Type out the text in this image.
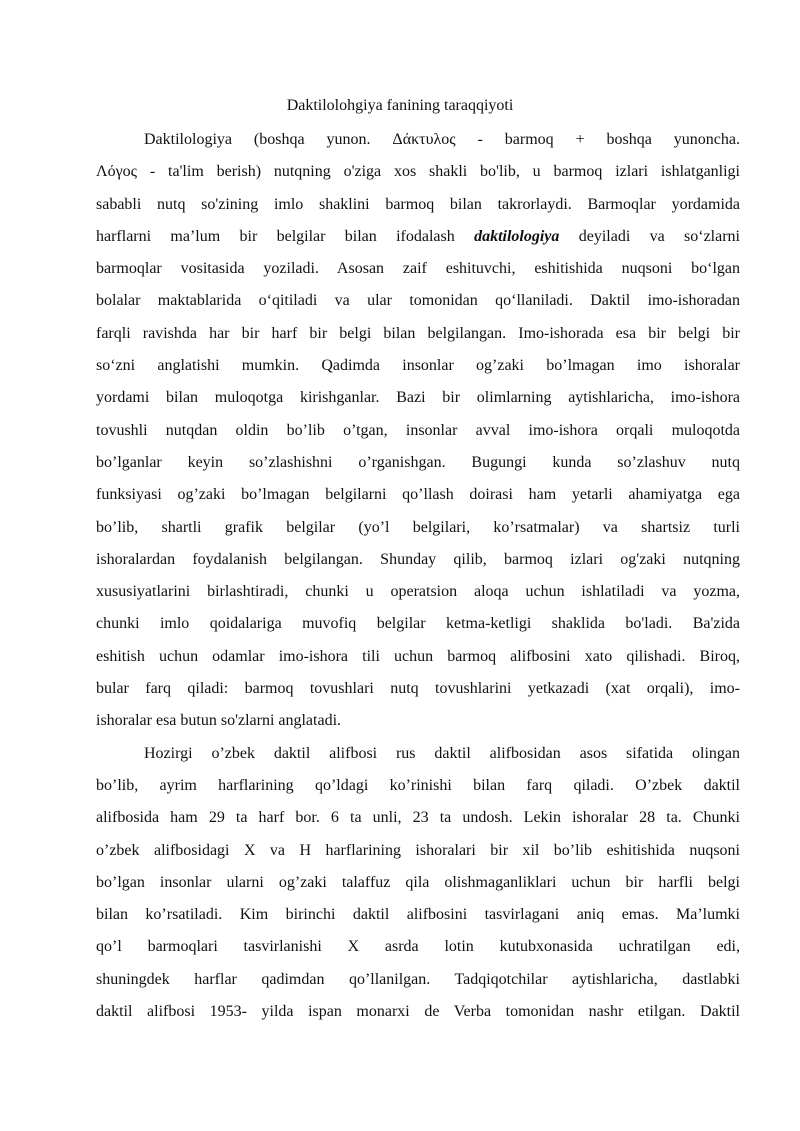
Daktilolohgiya fanining taraqqiyoti
Daktilologiya (boshqa yunon. Δάκτυλος - barmoq + boshqa yunoncha.
Λόγος - ta'lim berish) nutqning o'ziga xos shakli bo'lib, u barmoq izlari ishlatganligi
sababli nutq so'zining imlo shaklini barmoq bilan takrorlaydi. Barmoqlar yordamida
harflarni ma’lum bir belgilar bilan ifodalash daktilologiya deyiladi va so‘zlarni
barmoqlar vositasida yoziladi. Asosan zaif eshituvchi, eshitishida nuqsoni bo‘lgan
bolalar maktablarida o‘qitiladi va ular tomonidan qo‘llaniladi. Daktil imo-ishoradan
farqli ravishda har bir harf bir belgi bilan belgilangan. Imo-ishorada esa bir belgi bir
so‘zni anglatishi mumkin. Qadimda insonlar og’zaki bo’lmagan imo ishoralar
yordami bilan muloqotga kirishganlar. Bazi bir olimlarning aytishlaricha, imo-ishora
tovushli nutqdan oldin bo’lib o’tgan, insonlar avval imo-ishora orqali muloqotda
bo’lganlar keyin so’zlashishni o’rganishgan. Bugungi kunda so’zlashuv nutq
funksiyasi og’zaki bo’lmagan belgilarni qo’llash doirasi ham yetarli ahamiyatga ega
bo’lib, shartli grafik belgilar (yo’l belgilari, ko’rsatmalar) va shartsiz turli
ishoralardan foydalanish belgilangan. Shunday qilib, barmoq izlari og'zaki nutqning
xususiyatlarini birlashtiradi, chunki u operatsion aloqa uchun ishlatiladi va yozma,
chunki imlo qoidalariga muvofiq belgilar ketma-ketligi shaklida bo'ladi. Ba'zida
eshitish uchun odamlar imo-ishora tili uchun barmoq alifbosini xato qilishadi. Biroq,
bular farq qiladi: barmoq tovushlari nutq tovushlarini yetkazadi (xat orqali), imo-
ishoralar esa butun so'zlarni anglatadi.
Hozirgi o’zbek daktil alifbosi rus daktil alifbosidan asos sifatida olingan
bo’lib, ayrim harflarining qo’ldagi ko’rinishi bilan farq qiladi. O’zbek daktil
alifbosida ham 29 ta harf bor. 6 ta unli, 23 ta undosh. Lekin ishoralar 28 ta. Chunki
o’zbek alifbosidagi X va H harflarining ishoralari bir xil bo’lib eshitishida nuqsoni
bo’lgan insonlar ularni og’zaki talaffuz qila olishmaganliklari uchun bir harfli belgi
bilan ko’rsatiladi. Kim birinchi daktil alifbosini tasvirlagani aniq emas. Ma’lumki
qo’l barmoqlari tasvirlanishi X asrda lotin kutubxonasida uchratilgan edi,
shuningdek harflar qadimdan qo’llanilgan. Tadqiqotchilar aytishlaricha, dastlabki
daktil alifbosi 1953- yilda ispan monarxi de Verba tomonidan nashr etilgan. Daktil
